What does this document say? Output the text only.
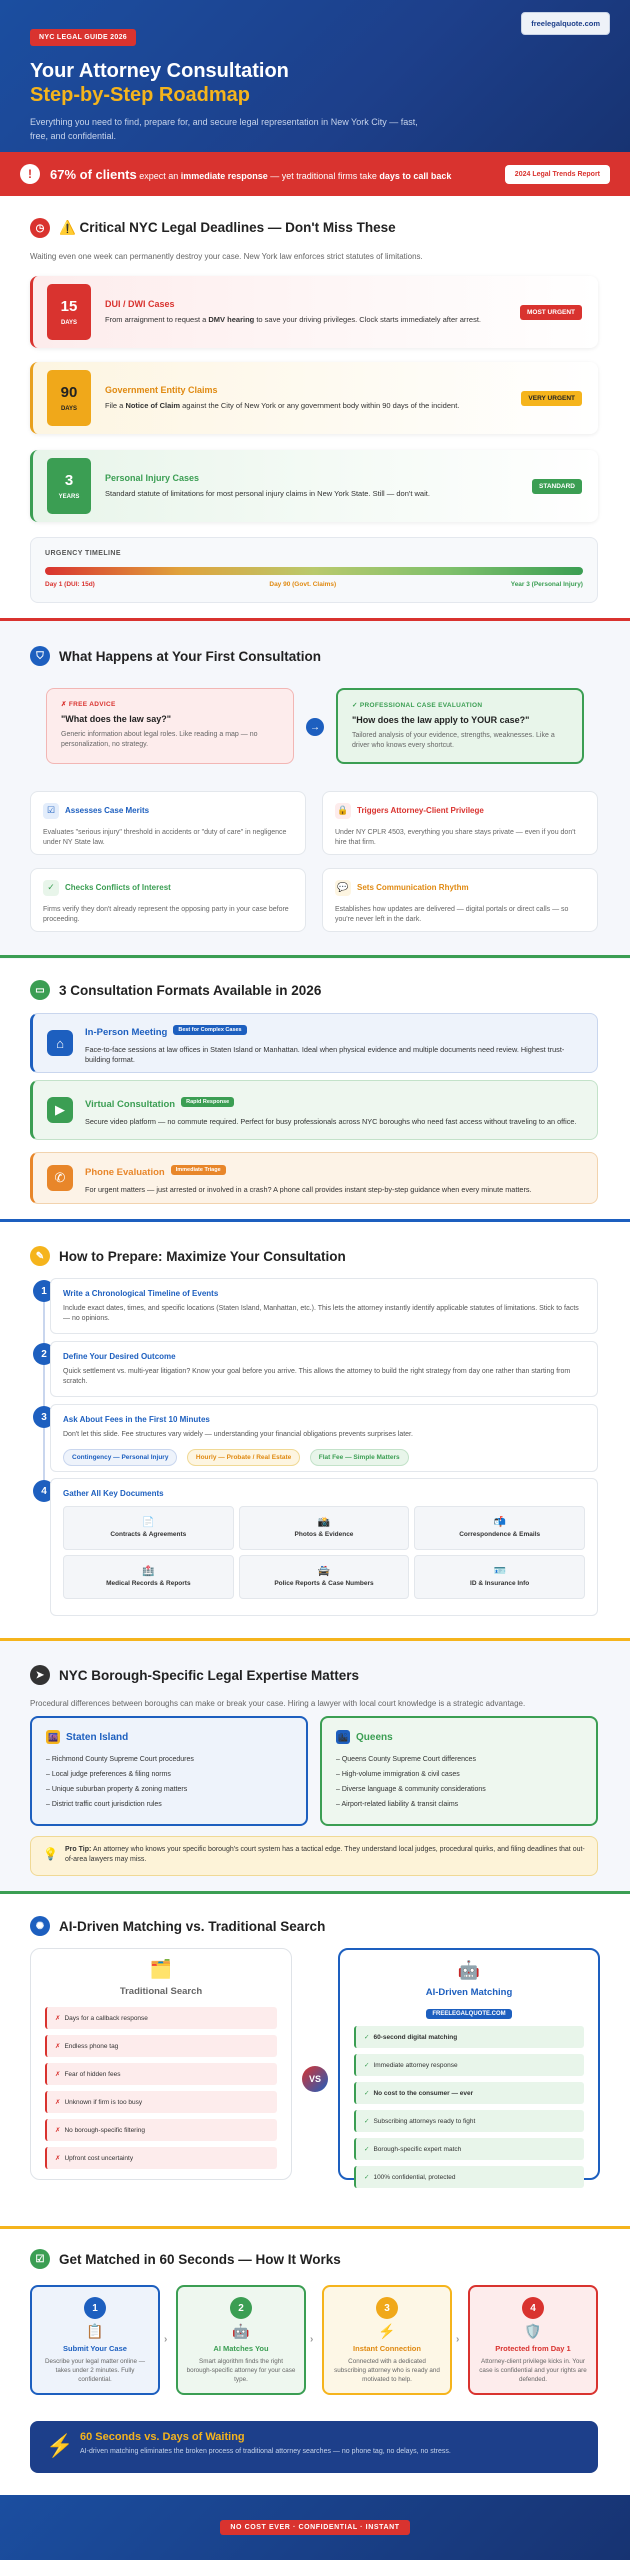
NYC LEGAL GUIDE 2026
freelegalquote.com
Your Attorney Consultation
Step-by-Step Roadmap

Everything you need to find, prepare for, and secure legal representation in New York City — fast, free, and confidential.

!	67% of clients expect an immediate response — yet traditional firms take days to call back	2024 Legal Trends Report
◷	⚠️ Critical NYC Legal Deadlines — Don't Miss These
Waiting even one week can permanently destroy your case. New York law enforces strict statutes of limitations.
15
DAYS
DUI / DWI Cases
From arraignment to request a DMV hearing to save your driving privileges. Clock starts immediately after arrest.
MOST URGENT
90
DAYS
Government Entity Claims
File a Notice of Claim against the City of New York or any government body within 90 days of the incident.
VERY URGENT
3
YEARS
Personal Injury Cases
Standard statute of limitations for most personal injury claims in New York State. Still — don't wait.
STANDARD
URGENCY TIMELINE
Day 1 (DUI: 15d)	Day 90 (Govt. Claims)	Year 3 (Personal Injury)
⛉	What Happens at Your First Consultation
✗ FREE ADVICE
"What does the law say?"
Generic information about legal roles. Like reading a map — no personalization, no strategy.
→
✓ PROFESSIONAL CASE EVALUATION
"How does the law apply to YOUR case?"
Tailored analysis of your evidence, strengths, weaknesses. Like a driver who knows every shortcut.
☑ Assesses Case Merits
Evaluates "serious injury" threshold in accidents or "duty of care" in negligence under NY State law.
🔒 Triggers Attorney-Client Privilege
Under NY CPLR 4503, everything you share stays private — even if you don't hire that firm.
✓ Checks Conflicts of Interest
Firms verify they don't already represent the opposing party in your case before proceeding.
💬 Sets Communication Rhythm
Establishes how updates are delivered — digital portals or direct calls — so you're never left in the dark.
▭	3 Consultation Formats Available in 2026
⌂
In-Person Meeting Best for Complex Cases
Face-to-face sessions at law offices in Staten Island or Manhattan. Ideal when physical evidence and multiple documents need review. Highest trust-building format.
▶	Virtual Consultation Rapid Response
Secure video platform — no commute required. Perfect for busy professionals across NYC boroughs who need fast access without traveling to an office.
✆	Phone Evaluation Immediate Triage
For urgent matters — just arrested or involved in a crash? A phone call provides instant step-by-step guidance when every minute matters.
✎	How to Prepare: Maximize Your Consultation
1	Write a Chronological Timeline of Events
Include exact dates, times, and specific locations (Staten Island, Manhattan, etc.). This lets the attorney instantly identify applicable statutes of limitations. Stick to facts — no opinions.
2	Define Your Desired Outcome
Quick settlement vs. multi-year litigation? Know your goal before you arrive. This allows the attorney to build the right strategy from day one rather than starting from scratch.
3	Ask About Fees in the First 10 Minutes
Don't let this slide. Fee structures vary widely — understanding your financial obligations prevents surprises later.
Contingency — Personal Injury	Hourly — Probate / Real Estate	Flat Fee — Simple Matters
4	Gather All Key Documents
📄
Contracts & Agreements
📸
Photos & Evidence
📬
Correspondence & Emails
🏥
Medical Records & Reports
🚔
Police Reports & Case Numbers
🪪
ID & Insurance Info
➤	NYC Borough-Specific Legal Expertise Matters
Procedural differences between boroughs can make or break your case. Hiring a lawyer with local court knowledge is a strategic advantage.
🌆 Staten Island
– Richmond County Supreme Court procedures
– Local judge preferences & filing norms
– Unique suburban property & zoning matters
– District traffic court jurisdiction rules
🏙 Queens
– Queens County Supreme Court differences
– High-volume immigration & civil cases
– Diverse language & community considerations
– Airport-related liability & transit claims
💡 Pro Tip: An attorney who knows your specific borough's court system has a tactical edge. They understand local judges, procedural quirks, and filing deadlines that out-of-area lawyers may miss.
✺	AI-Driven Matching vs. Traditional Search
🗂️
Traditional Search
✗ Days for a callback response
✗ Endless phone tag
✗ Fear of hidden fees
✗ Unknown if firm is too busy
✗ No borough-specific filtering
✗ Upfront cost uncertainty
VS
🤖
AI-Driven Matching
FREELEGALQUOTE.COM
✓ 60-second digital matching
✓ Immediate attorney response
✓ No cost to the consumer — ever
✓ Subscribing attorneys ready to fight
✓ Borough-specific expert match
✓ 100% confidential, protected
☑	Get Matched in 60 Seconds — How It Works
1
📋
Submit Your Case
Describe your legal matter online — takes under 2 minutes. Fully confidential.
›
2
🤖
AI Matches You
Smart algorithm finds the right borough-specific attorney for your case type.
›
3
⚡
Instant Connection
Connected with a dedicated subscribing attorney who is ready and motivated to help.
›
4
🛡️
Protected from Day 1
Attorney-client privilege kicks in. Your case is confidential and your rights are defended.
⚡ 60 Seconds vs. Days of Waiting
AI-driven matching eliminates the broken process of traditional attorney searches — no phone tag, no delays, no stress.
NO COST EVER · CONFIDENTIAL · INSTANT
